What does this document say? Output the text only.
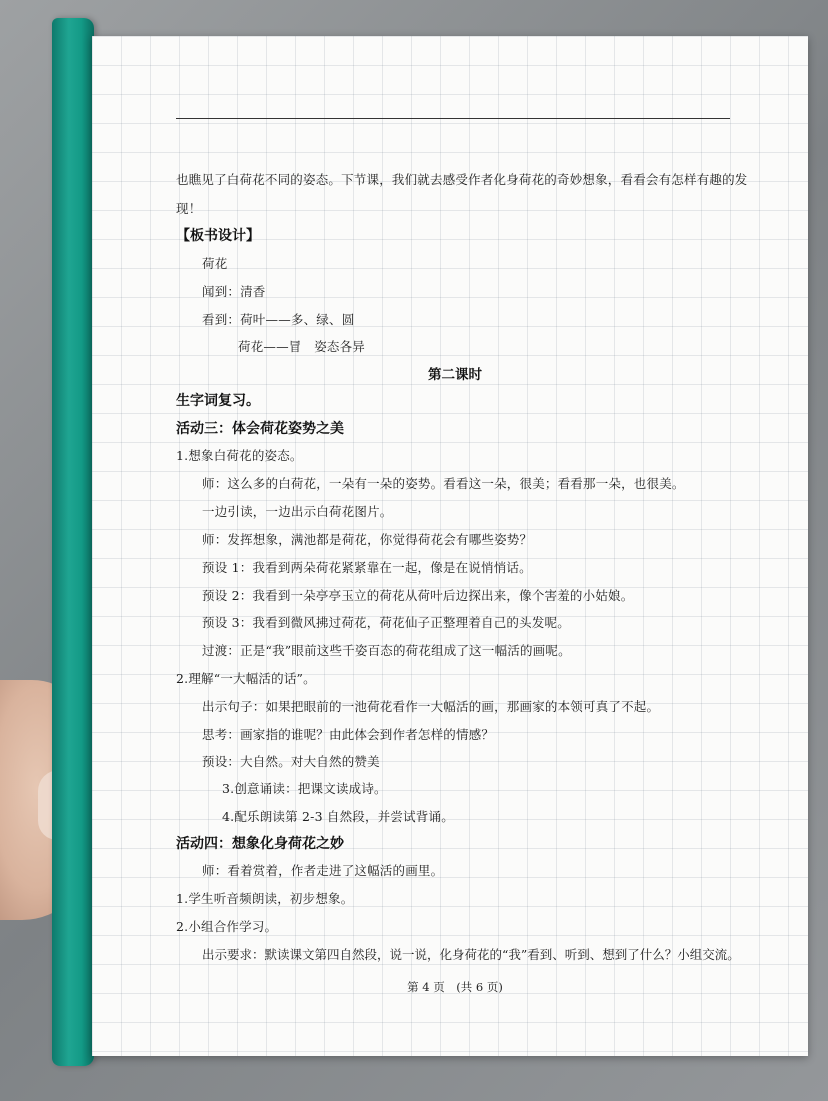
也瞧见了白荷花不同的姿态。下节课，我们就去感受作者化身荷花的奇妙想象，看看会有怎样有趣的发
现！
【板书设计】
荷花
闻到：清香
看到：荷叶——多、绿、圆
荷花——冒　姿态各异
第二课时
生字词复习。
活动三：体会荷花姿势之美
1.想象白荷花的姿态。
师：这么多的白荷花，一朵有一朵的姿势。看看这一朵，很美；看看那一朵，也很美。
一边引读，一边出示白荷花图片。
师：发挥想象，满池都是荷花，你觉得荷花会有哪些姿势？
预设 1：我看到两朵荷花紧紧靠在一起，像是在说悄悄话。
预设 2：我看到一朵亭亭玉立的荷花从荷叶后边探出来，像个害羞的小姑娘。
预设 3：我看到微风拂过荷花，荷花仙子正整理着自己的头发呢。
过渡：正是“我”眼前这些千姿百态的荷花组成了这一幅活的画呢。
2.理解“一大幅活的话”。
出示句子：如果把眼前的一池荷花看作一大幅活的画，那画家的本领可真了不起。
思考：画家指的谁呢？由此体会到作者怎样的情感？
预设：大自然。对大自然的赞美
3.创意诵读：把课文读成诗。
4.配乐朗读第 2-3 自然段，并尝试背诵。
活动四：想象化身荷花之妙
师：看着赏着，作者走进了这幅活的画里。
1.学生听音频朗读，初步想象。
2.小组合作学习。
出示要求：默读课文第四自然段，说一说，化身荷花的“我”看到、听到、想到了什么？小组交流。
第 4 页　(共 6 页)
